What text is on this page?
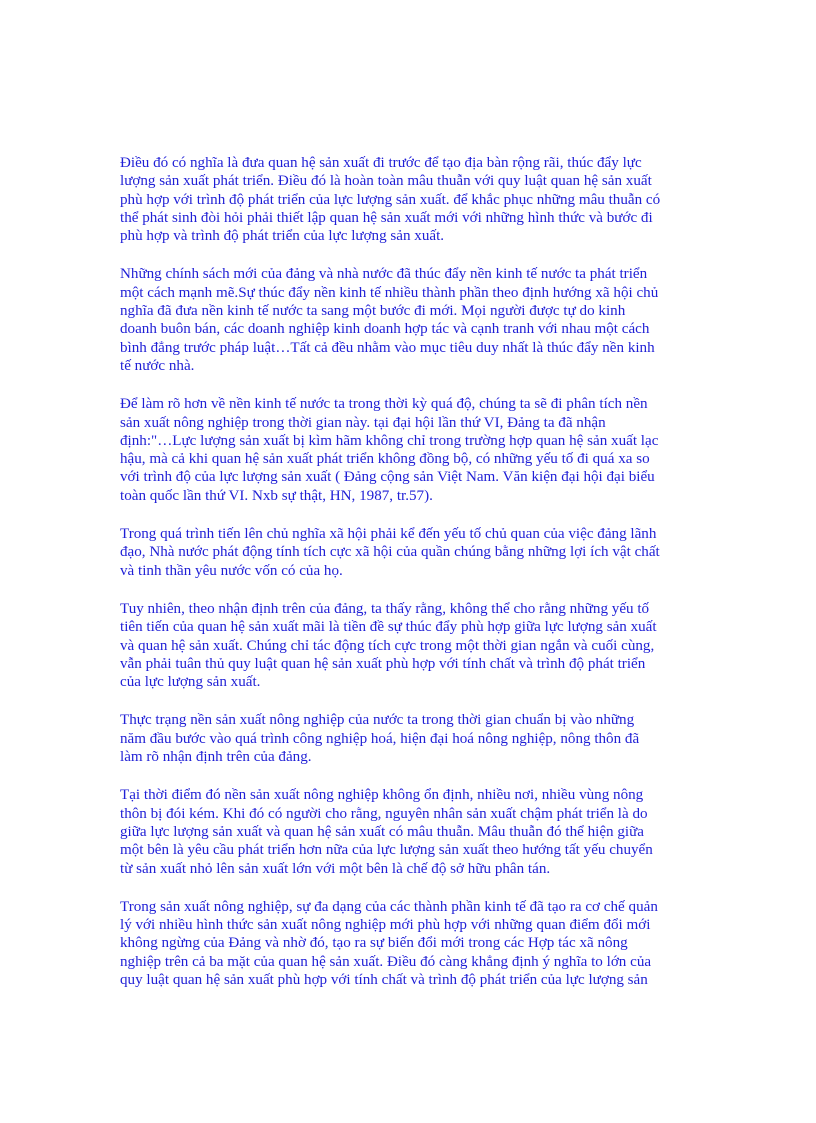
Điều đó có nghĩa là đưa quan hệ sản xuất đi trước để tạo địa bàn rộng rãi, thúc đẩy lực
lượng sản xuất phát triển. Điều đó là hoàn toàn mâu thuẫn với quy luật quan hệ sản xuất
phù hợp với trình độ phát triển của lực lượng sản xuất. để khắc phục những mâu thuẫn có
thể phát sinh đòi hỏi phải thiết lập quan hệ sản xuất mới với những hình thức và bước đi
phù hợp và trình độ phát triển của lực lượng sản xuất.

Những chính sách mới của đảng và nhà nước đã thúc đẩy nền kinh tế nước ta phát triển
một cách mạnh mẽ.Sự thúc đẩy nền kinh tế nhiều thành phần theo định hướng xã hội chủ
nghĩa đã đưa nền kinh tế nước ta sang một bước đi mới. Mọi người được tự do kinh
doanh buôn bán, các doanh nghiệp kinh doanh hợp tác và cạnh tranh với nhau một cách
bình đẳng trước pháp luật…Tất cả đều nhằm vào mục tiêu duy nhất là thúc đẩy nền kinh
tế nước nhà.

Để làm rõ hơn về nền kinh tế nước ta trong thời kỳ quá độ, chúng ta sẽ đi phân tích nền
sản xuất nông nghiệp trong thời gian này. tại đại hội lần thứ VI, Đảng ta đã nhận
định:"…Lực lượng sản xuất bị kìm hãm không chỉ trong trường hợp quan hệ sản xuất lạc
hậu, mà cả khi quan hệ sản xuất phát triển không đồng bộ, có những yếu tố đi quá xa so
với trình độ của lực lượng sản xuất ( Đảng cộng sản Việt Nam. Văn kiện đại hội đại biểu
toàn quốc lần thứ VI. Nxb sự thật, HN, 1987, tr.57).

Trong quá trình tiến lên chủ nghĩa xã hội phải kể đến yếu tố chủ quan của việc đảng lãnh
đạo, Nhà nước phát động tính tích cực xã hội của quần chúng bằng những lợi ích vật chất
và tinh thần yêu nước vốn có của họ.

Tuy nhiên, theo nhận định trên của đảng, ta thấy rằng, không thể cho rằng những yếu tố
tiên tiến của quan hệ sản xuất mãi là tiền đề sự thúc đẩy phù hợp giữa lực lượng sản xuất
và quan hệ sản xuất. Chúng chỉ tác động tích cực trong một thời gian ngắn và cuối cùng,
vẫn phải tuân thủ quy luật quan hệ sản xuất phù hợp với tính chất và trình độ phát triển
của lực lượng sản xuất.

Thực trạng nền sản xuất nông nghiệp của nước ta trong thời gian chuẩn bị vào những
năm đầu bước vào quá trình công nghiệp hoá, hiện đại hoá nông nghiệp, nông thôn đã
làm rõ nhận định trên của đảng.

Tại thời điểm đó nền sản xuất nông nghiệp không ổn định, nhiều nơi, nhiều vùng nông
thôn bị đói kém. Khi đó có người cho rằng, nguyên nhân sản xuất chậm phát triển là do
giữa lực lượng sản xuất và quan hệ sản xuất có mâu thuẫn. Mâu thuẫn đó thể hiện giữa
một bên là yêu cầu phát triển hơn nữa của lực lượng sản xuất theo hướng tất yếu chuyển
từ sản xuất nhỏ lên sản xuất lớn với một bên là chế độ sở hữu phân tán.

Trong sản xuất nông nghiệp, sự đa dạng của các thành phần kinh tế đã tạo ra cơ chế quản
lý với nhiều hình thức sản xuất nông nghiệp mới phù hợp với những quan điểm đổi mới
không ngừng của Đảng và nhờ đó, tạo ra sự biến đổi mới trong các Hợp tác xã nông
nghiệp trên cả ba mặt của quan hệ sản xuất. Điều đó càng khẳng định ý nghĩa to lớn của
quy luật quan hệ sản xuất phù hợp với tính chất và trình độ phát triển của lực lượng sản
